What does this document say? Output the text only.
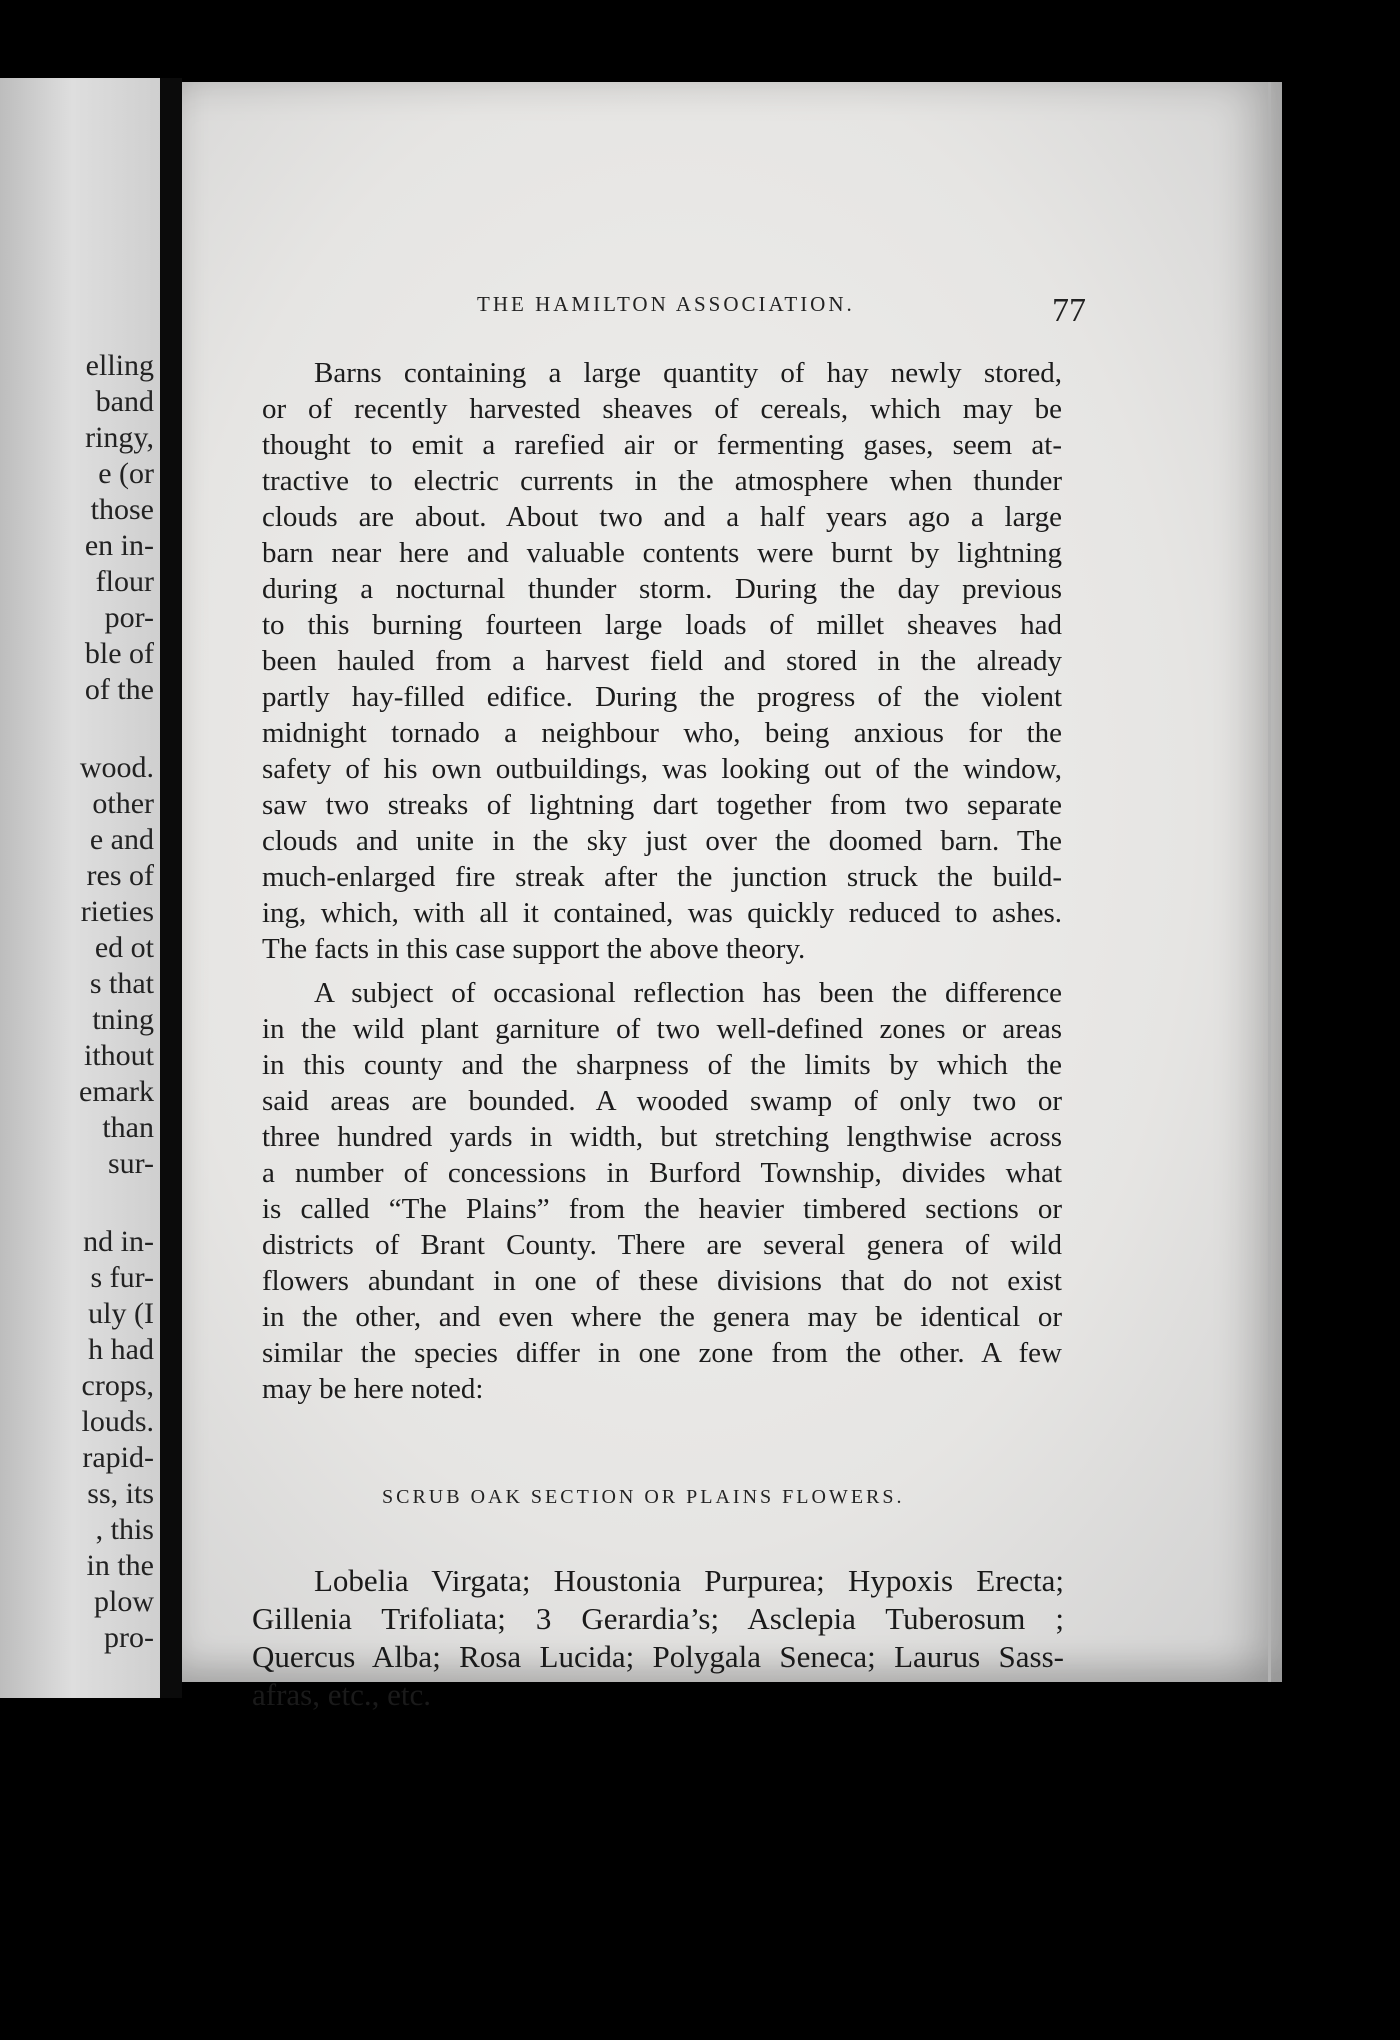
elling
band
ringy,
e (or
those
en in-
flour
por-
ble of
of the
wood.
other
e and
res of
rieties
ed ot
s that
tning
ithout
emark
than
sur-
nd in-
s fur-
uly (I
h had
crops,
louds.
rapid-
ss, its
, this
in the
plow
pro-
THE HAMILTON ASSOCIATION.	77
Barns containing a large quantity of hay newly stored,
or of recently harvested sheaves of cereals, which may be
thought to emit a rarefied air or fermenting gases, seem at-
tractive to electric currents in the atmosphere when thunder
clouds are about. About two and a half years ago a large
barn near here and valuable contents were burnt by lightning
during a nocturnal thunder storm. During the day previous
to this burning fourteen large loads of millet sheaves had
been hauled from a harvest field and stored in the already
partly hay-filled edifice. During the progress of the violent
midnight tornado a neighbour who, being anxious for the
safety of his own outbuildings, was looking out of the window,
saw two streaks of lightning dart together from two separate
clouds and unite in the sky just over the doomed barn. The
much-enlarged fire streak after the junction struck the build-
ing, which, with all it contained, was quickly reduced to ashes.
The facts in this case support the above theory.
A subject of occasional reflection has been the difference
in the wild plant garniture of two well-defined zones or areas
in this county and the sharpness of the limits by which the
said areas are bounded. A wooded swamp of only two or
three hundred yards in width, but stretching lengthwise across
a number of concessions in Burford Township, divides what
is called “The Plains” from the heavier timbered sections or
districts of Brant County. There are several genera of wild
flowers abundant in one of these divisions that do not exist
in the other, and even where the genera may be identical or
similar the species differ in one zone from the other. A few
may be here noted:
SCRUB OAK SECTION OR PLAINS FLOWERS.
Lobelia Virgata; Houstonia Purpurea; Hypoxis Erecta;
Gillenia Trifoliata; 3 Gerardia’s; Asclepia Tuberosum ;
Quercus Alba; Rosa Lucida; Polygala Seneca; Laurus Sass-
afras, etc., etc.
